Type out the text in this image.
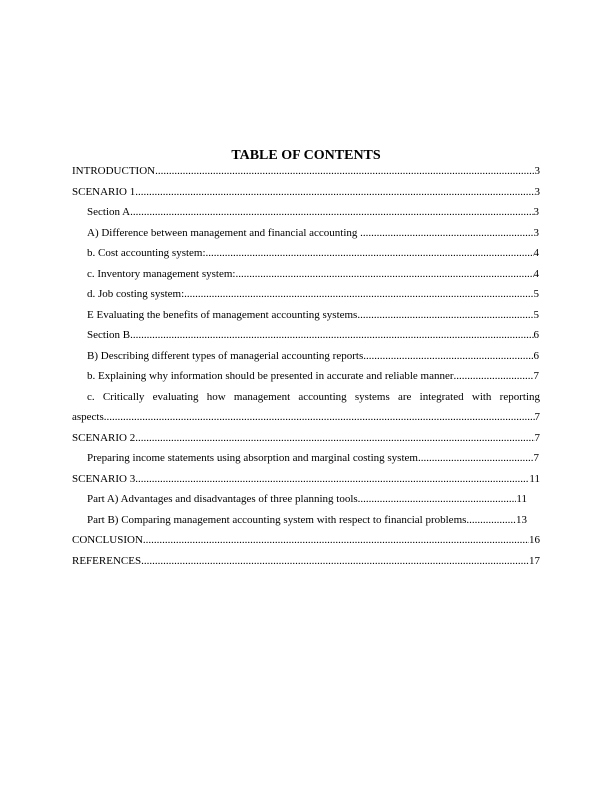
TABLE OF CONTENTS
INTRODUCTION .....	3
SCENARIO 1 .....	3
Section A .....	3
A) Difference between management and financial accounting .....	3
b. Cost accounting system: .....	4
c. Inventory management system: .....	4
d. Job costing system: .....	5
E Evaluating the benefits of management accounting systems .....	5
Section B .....	6
B) Describing different types of managerial accounting reports .....	6
b. Explaining why information should be presented in accurate and reliable manner .....	7
c. Critically evaluating how management accounting systems are integrated with reporting
aspects .....	7
SCENARIO 2 .....	7
Preparing income statements using absorption and marginal costing system .....	7
SCENARIO 3 .....	11
Part A) Advantages and disadvantages of three planning tools .....	11
Part B) Comparing management accounting system with respect to financial problems .....	13
CONCLUSION .....	16
REFERENCES .....	17
